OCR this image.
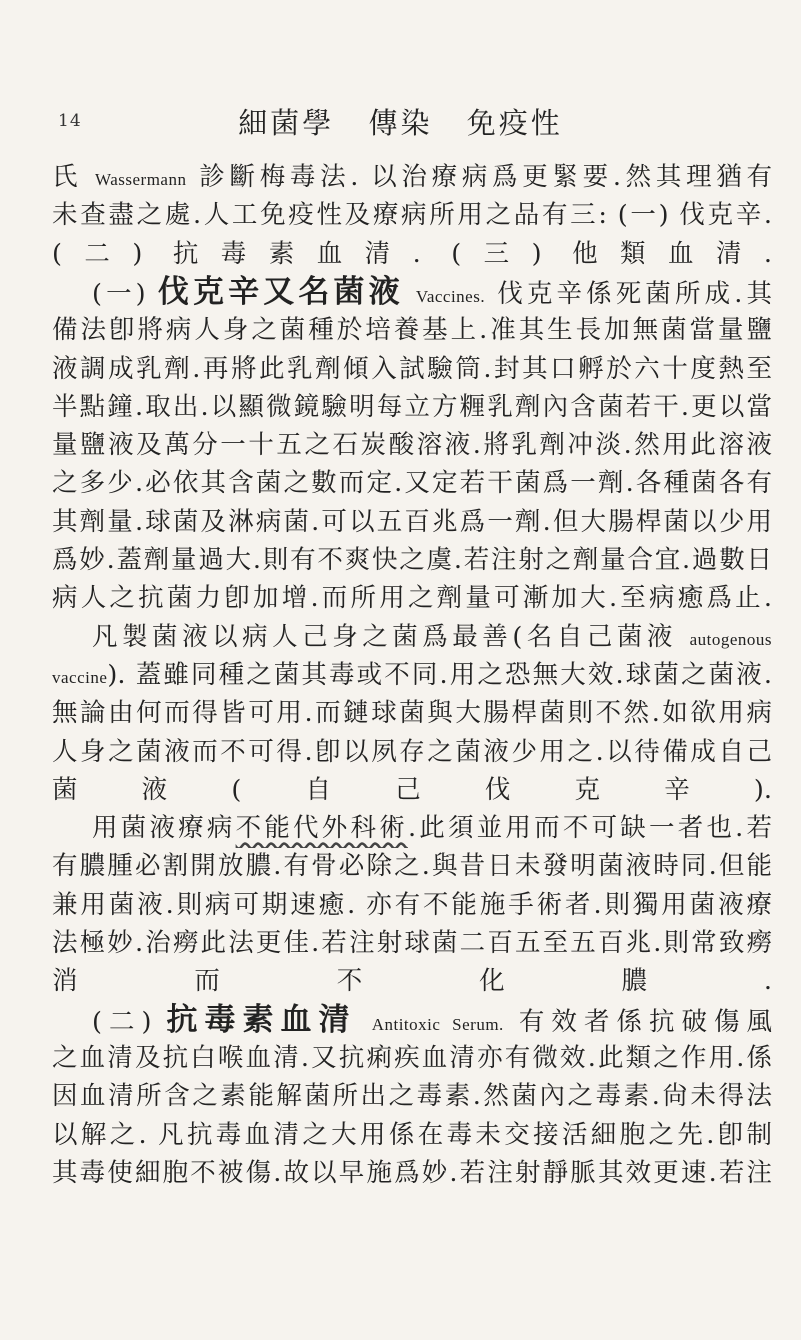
14	細菌學 傳染 免疫性
氏 Wassermann 診斷梅毒法. 以治療病爲更緊要.然其理猶有
未查盡之處.人工免疫性及療病所用之品有三: (一) 伐克辛.
(二) 抗毒素血清. (三) 他類血清.
(一) 伐克辛又名菌液 Vaccines. 伐克辛係死菌所成.其
備法卽將病人身之菌種於培養基上.准其生長加無菌當量鹽
液調成乳劑.再將此乳劑傾入試驗筒.封其口孵於六十度熱至
半點鐘.取出.以顯微鏡驗明每立方糎乳劑內含菌若干.更以當
量鹽液及萬分一十五之石炭酸溶液.將乳劑冲淡.然用此溶液
之多少.必依其含菌之數而定.又定若干菌爲一劑.各種菌各有
其劑量.球菌及淋病菌.可以五百兆爲一劑.但大腸桿菌以少用
爲妙.蓋劑量過大.則有不爽快之虞.若注射之劑量合宜.過數日
病人之抗菌力卽加增.而所用之劑量可漸加大.至病癒爲止.
凡製菌液以病人己身之菌爲最善(名自己菌液 autogenous
vaccine). 蓋雖同種之菌其毒或不同.用之恐無大效.球菌之菌液.
無論由何而得皆可用.而鏈球菌與大腸桿菌則不然.如欲用病
人身之菌液而不可得.卽以夙存之菌液少用之.以待備成自己
菌液(自己伐克辛).
用菌液療病不能代外科術.此須並用而不可缺一者也.若
有膿腫必割開放膿.有骨必除之.與昔日未發明菌液時同.但能
兼用菌液.則病可期速癒. 亦有不能施手術者.則獨用菌液療
法極妙.治癆此法更佳.若注射球菌二百五至五百兆.則常致癆
消而不化膿.
(二) 抗毒素血清 Antitoxic Serum. 有效者係抗破傷風
之血清及抗白喉血清.又抗痢疾血清亦有微效.此類之作用.係
因血清所含之素能解菌所出之毒素.然菌內之毒素.尙未得法
以解之. 凡抗毒血清之大用係在毒未交接活細胞之先.卽制
其毒使細胞不被傷.故以早施爲妙.若注射靜脈其效更速.若注
